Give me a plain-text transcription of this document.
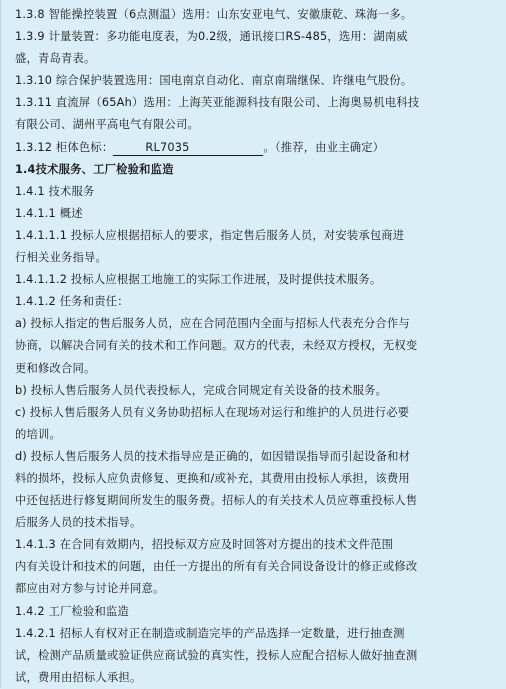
1.3.8 智能操控装置（6点测温）选用：山东安亚电气、安徽康乾、珠海一多。
1.3.9 计量装置：多功能电度表，为0.2级，通讯接口RS-485，选用：湖南威
盛，青岛青表。
1.3.10 综合保护装置选用：国电南京自动化、南京南瑞继保、许继电气股份。
1.3.11 直流屏（65Ah）选用：上海芙亚能源科技有限公司、上海奥易机电科技
有限公司、湖州平高电气有限公司。
1.3.12 柜体色标：	RL7035	。（推荐，由业主确定）
1.4技术服务、工厂检验和监造
1.4.1 技术服务
1.4.1.1 概述
1.4.1.1.1 投标人应根据招标人的要求，指定售后服务人员，对安装承包商进
行相关业务指导。
1.4.1.1.2 投标人应根据工地施工的实际工作进展，及时提供技术服务。
1.4.1.2 任务和责任：
a) 投标人指定的售后服务人员，应在合同范围内全面与招标人代表充分合作与
协商，以解决合同有关的技术和工作问题。双方的代表，未经双方授权，无权变
更和修改合同。
b) 投标人售后服务人员代表投标人，完成合同规定有关设备的技术服务。
c) 投标人售后服务人员有义务协助招标人在现场对运行和维护的人员进行必要
的培训。
d) 投标人售后服务人员的技术指导应是正确的，如因错误指导而引起设备和材
料的损坏，投标人应负责修复、更换和/或补充，其费用由投标人承担，该费用
中还包括进行修复期间所发生的服务费。招标人的有关技术人员应尊重投标人售
后服务人员的技术指导。
1.4.1.3 在合同有效期内，招投标双方应及时回答对方提出的技术文件范围
内有关设计和技术的问题，由任一方提出的所有有关合同设备设计的修正或修改
都应由对方参与讨论并同意。
1.4.2 工厂检验和监造
1.4.2.1 招标人有权对正在制造或制造完毕的产品选择一定数量，进行抽查测
试，检测产品质量或验证供应商试验的真实性，投标人应配合招标人做好抽查测
试，费用由招标人承担。
